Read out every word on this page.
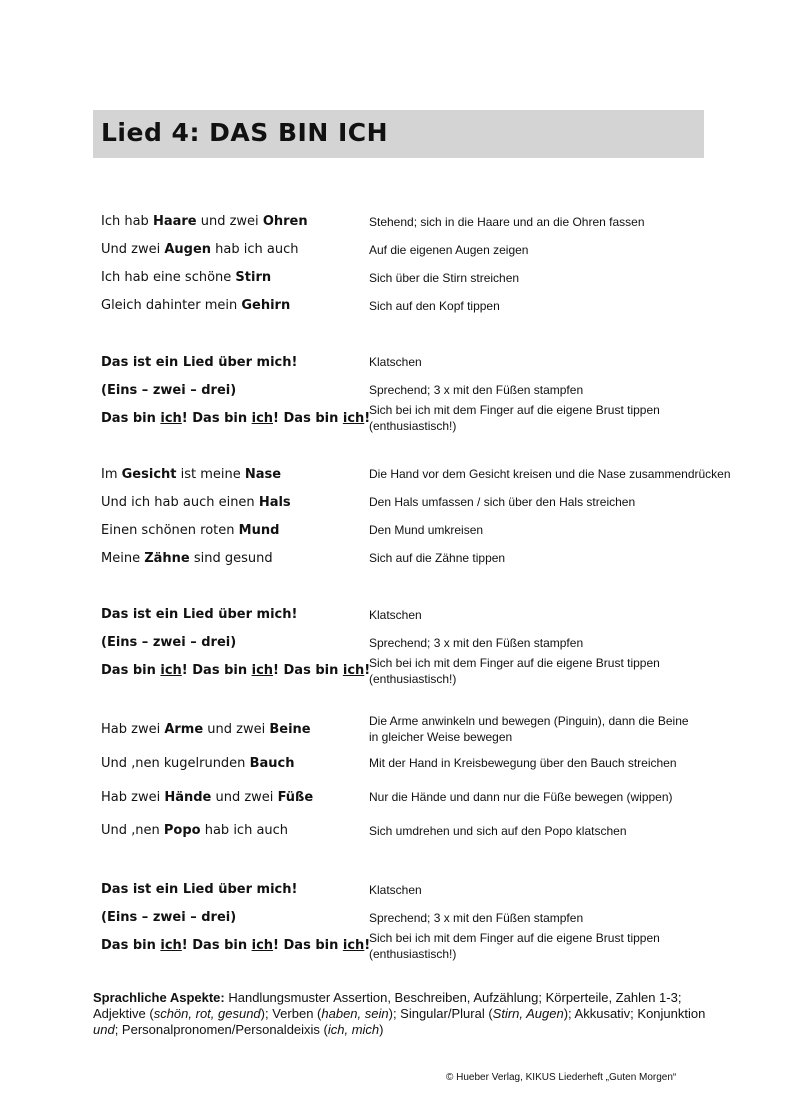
Lied 4: DAS BIN ICH
Ich hab Haare und zwei Ohren
Und zwei Augen hab ich auch
Ich hab eine schöne Stirn
Gleich dahinter mein Gehirn
Stehend; sich in die Haare und an die Ohren fassen
Auf die eigenen Augen zeigen
Sich über die Stirn streichen
Sich auf den Kopf tippen
Das ist ein Lied über mich!
(Eins – zwei – drei)
Das bin ich! Das bin ich! Das bin ich!
Klatschen
Sprechend; 3 x mit den Füßen stampfen
Sich bei ich mit dem Finger auf die eigene Brust tippen (enthusiastisch!)
Im Gesicht ist meine Nase
Und ich hab auch einen Hals
Einen schönen roten Mund
Meine Zähne sind gesund
Die Hand vor dem Gesicht kreisen und die Nase zusammendrücken
Den Hals umfassen / sich über den Hals streichen
Den Mund umkreisen
Sich auf die Zähne tippen
Das ist ein Lied über mich!
(Eins – zwei – drei)
Das bin ich! Das bin ich! Das bin ich!
Klatschen
Sprechend; 3 x mit den Füßen stampfen
Sich bei ich mit dem Finger auf die eigene Brust tippen (enthusiastisch!)
Hab zwei Arme und zwei Beine
Und ‚nen kugelrunden Bauch
Hab zwei Hände und zwei Füße
Und ‚nen Popo hab ich auch
Die Arme anwinkeln und bewegen (Pinguin), dann die Beine in gleicher Weise bewegen
Mit der Hand in Kreisbewegung über den Bauch streichen
Nur die Hände und dann nur die Füße bewegen (wippen)
Sich umdrehen und sich auf den Popo klatschen
Das ist ein Lied über mich!
(Eins – zwei – drei)
Das bin ich! Das bin ich! Das bin ich!
Klatschen
Sprechend; 3 x mit den Füßen stampfen
Sich bei ich mit dem Finger auf die eigene Brust tippen (enthusiastisch!)
Sprachliche Aspekte: Handlungsmuster Assertion, Beschreiben, Aufzählung; Körperteile, Zahlen 1-3; Adjektive (schön, rot, gesund); Verben (haben, sein); Singular/Plural (Stirn, Augen); Akkusativ; Konjunktion und; Personalpronomen/Personaldeixis (ich, mich)
© Hueber Verlag, KIKUS Liederheft „Guten Morgen“
